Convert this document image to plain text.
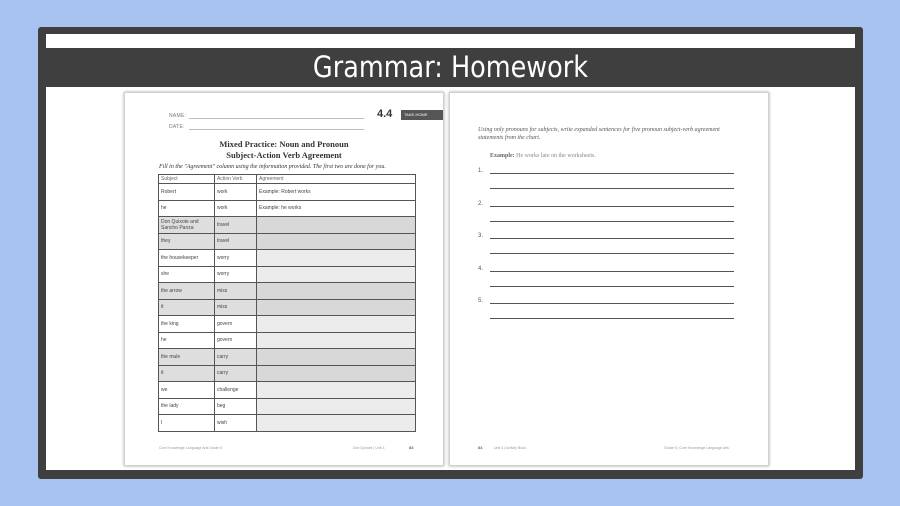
Grammar: Homework
NAME:
DATE:
4.4	TAKE-HOME
Mixed Practice: Noun and Pronoun
Subject-Action Verb Agreement
Fill in the "Agreement" column using the information provided. The first two are done for you.
Subject	Action Verb	Agreement
Robert	work	Example: Robert works
he	work	Example: he works
Don Quixote and Sancho Panza	travel	
they	travel	
the housekeeper	worry	
she	worry	
the arrow	miss	
it	miss	
the king	govern	
he	govern	
the mule	carry	
it	carry	
we	challenge	
the lady	beg	
I	wish	
Core Knowledge Language Arts Grade 5	Don Quixote | Unit 3	83
Using only pronouns for subjects, write expanded sentences for five pronoun subject-verb agreement statements from the chart.
Example: He works late on the worksheets.
1.
2.
3.
4.
5.
84	Unit 3 | Activity Book	Grade 5 | Core Knowledge Language Arts
